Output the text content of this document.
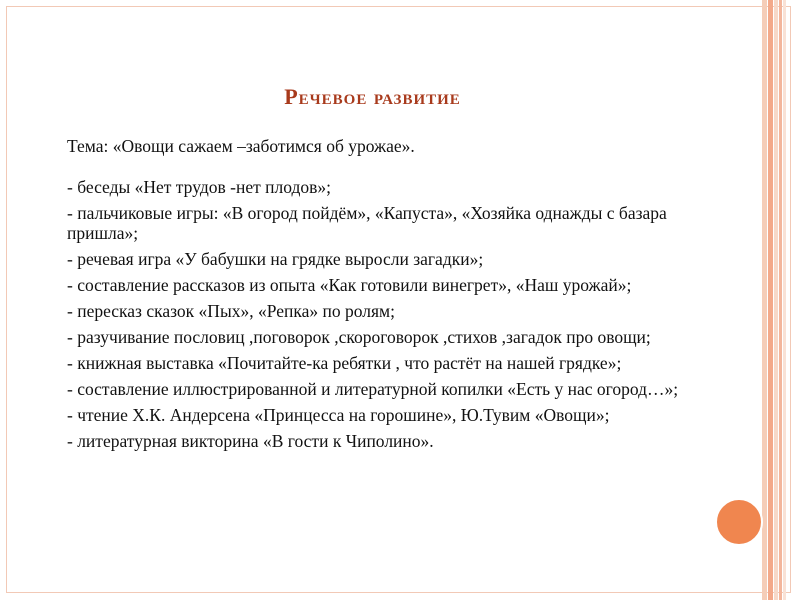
Речевое развитие
Тема: «Овощи сажаем –заботимся об урожае».
- беседы «Нет трудов -нет плодов»;
- пальчиковые игры: «В огород пойдём», «Капуста», «Хозяйка однажды с базара пришла»;
- речевая игра «У бабушки на грядке выросли загадки»;
- составление рассказов из опыта «Как готовили винегрет», «Наш урожай»;
- пересказ сказок «Пых», «Репка» по ролям;
- разучивание пословиц ,поговорок ,скороговорок ,стихов ,загадок про овощи;
- книжная выставка «Почитайте-ка ребятки , что растёт на нашей грядке»;
- составление иллюстрированной и литературной копилки «Есть у нас огород…»;
- чтение Х.К. Андерсена «Принцесса на горошине», Ю.Тувим «Овощи»;
- литературная викторина «В гости к Чиполино».
